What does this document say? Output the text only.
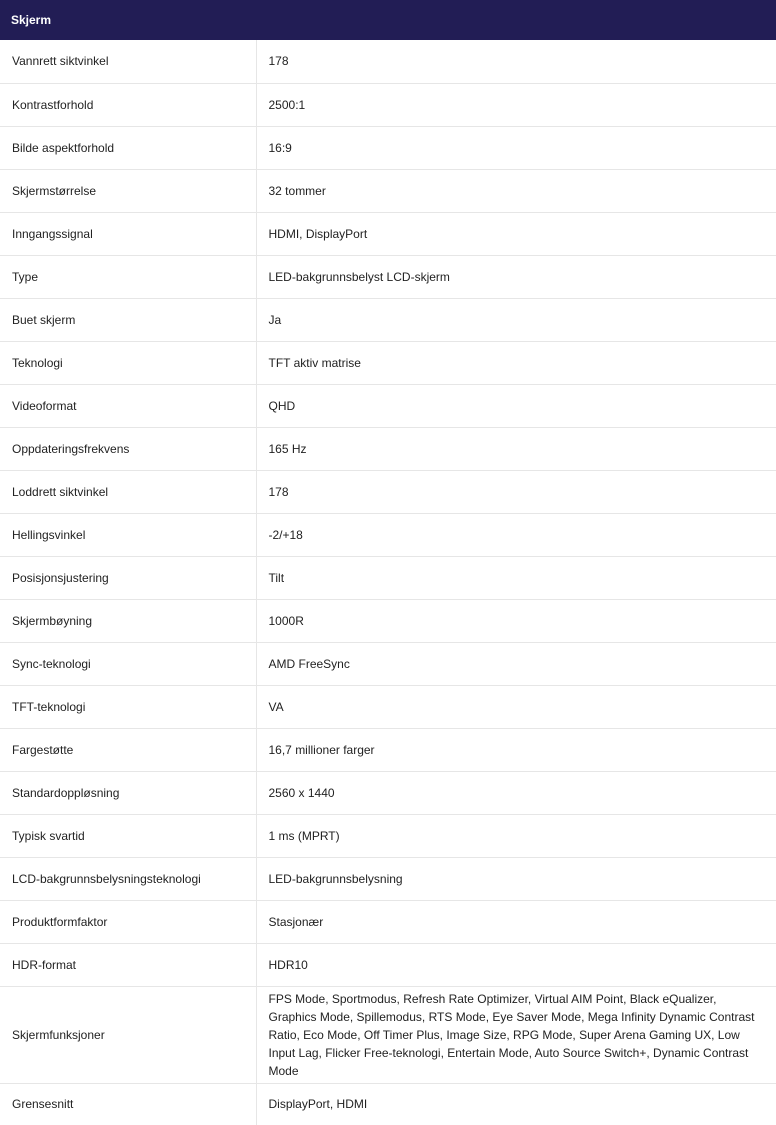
Skjerm
Vannrett siktvinkel	178
Kontrastforhold	2500:1
Bilde aspektforhold	16:9
Skjermstørrelse	32 tommer
Inngangssignal	HDMI, DisplayPort
Type	LED-bakgrunnsbelyst LCD-skjerm
Buet skjerm	Ja
Teknologi	TFT aktiv matrise
Videoformat	QHD
Oppdateringsfrekvens	165 Hz
Loddrett siktvinkel	178
Hellingsvinkel	-2/+18
Posisjonsjustering	Tilt
Skjermbøyning	1000R
Sync-teknologi	AMD FreeSync
TFT-teknologi	VA
Fargestøtte	16,7 millioner farger
Standardoppløsning	2560 x 1440
Typisk svartid	1 ms (MPRT)
LCD-bakgrunnsbelysningsteknologi	LED-bakgrunnsbelysning
Produktformfaktor	Stasjonær
HDR-format	HDR10
Skjermfunksjoner	FPS Mode, Sportmodus, Refresh Rate Optimizer, Virtual AIM Point, Black eQualizer, Graphics Mode, Spillemodus, RTS Mode, Eye Saver Mode, Mega Infinity Dynamic Contrast Ratio, Eco Mode, Off Timer Plus, Image Size, RPG Mode, Super Arena Gaming UX, Low Input Lag, Flicker Free-teknologi, Entertain Mode, Auto Source Switch+, Dynamic Contrast Mode
Grensesnitt	DisplayPort, HDMI
